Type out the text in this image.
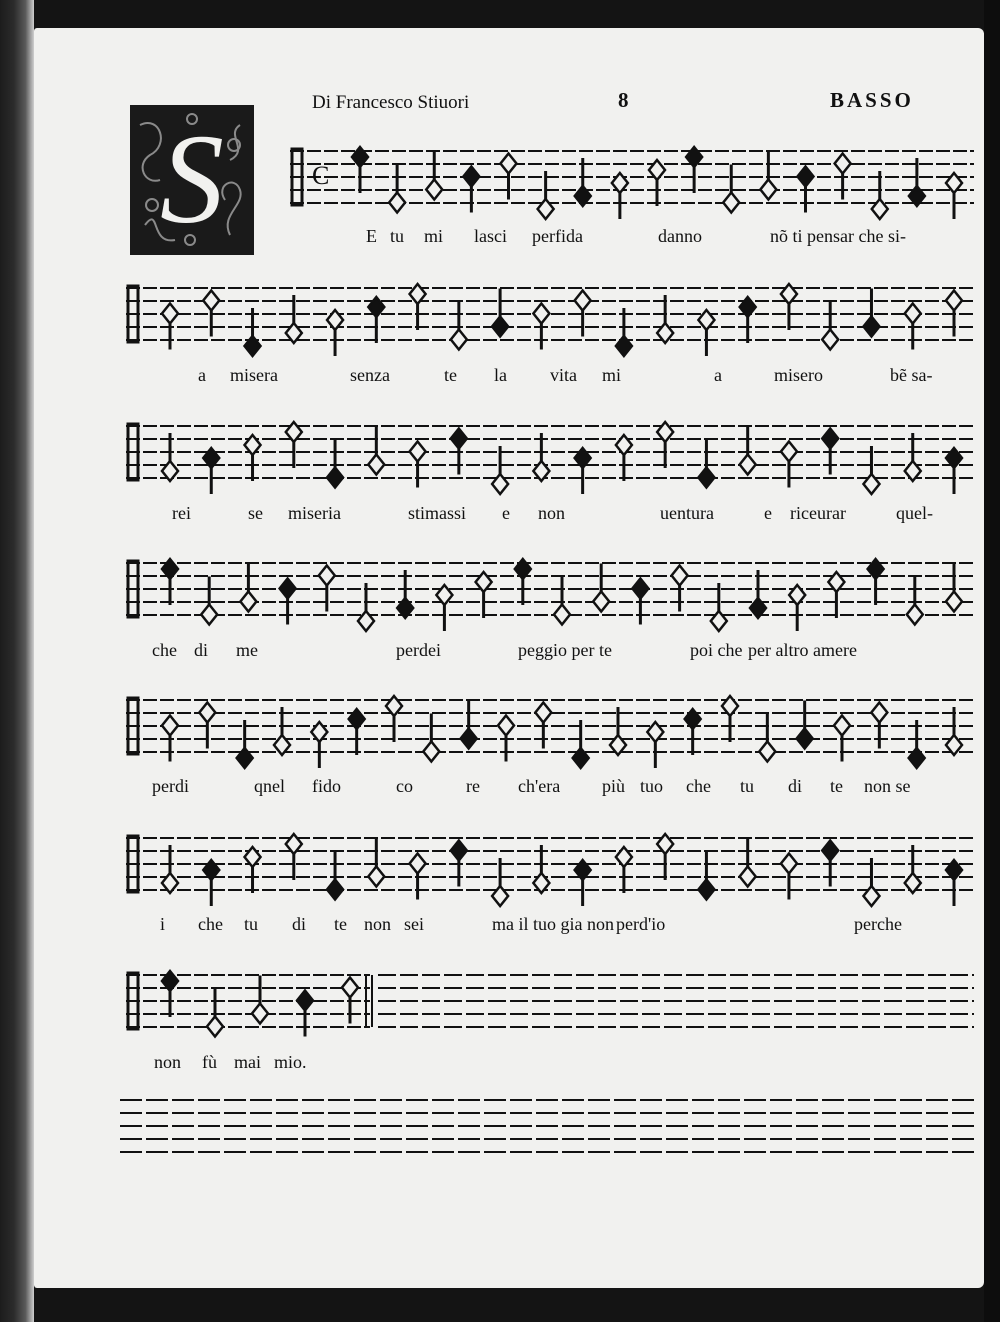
Di Francesco Stiuori	8	BASSO
S	C
E tu mi lasci perfida	danno	nõ ti pensar che si-
a misera	senza	te la vita mi	a	misero	bẽ sa-
rei	se miseria	stimassi e non	uentura	e riceurar	quel-
che di me	perdei	peggio per te	poi che per altro amere
perdi	qnel fido	co	re ch'era più tuo che tu di te non se
i che tu di te non sei	ma il tuo gia non perd'io	perche
non fù mai mio.
